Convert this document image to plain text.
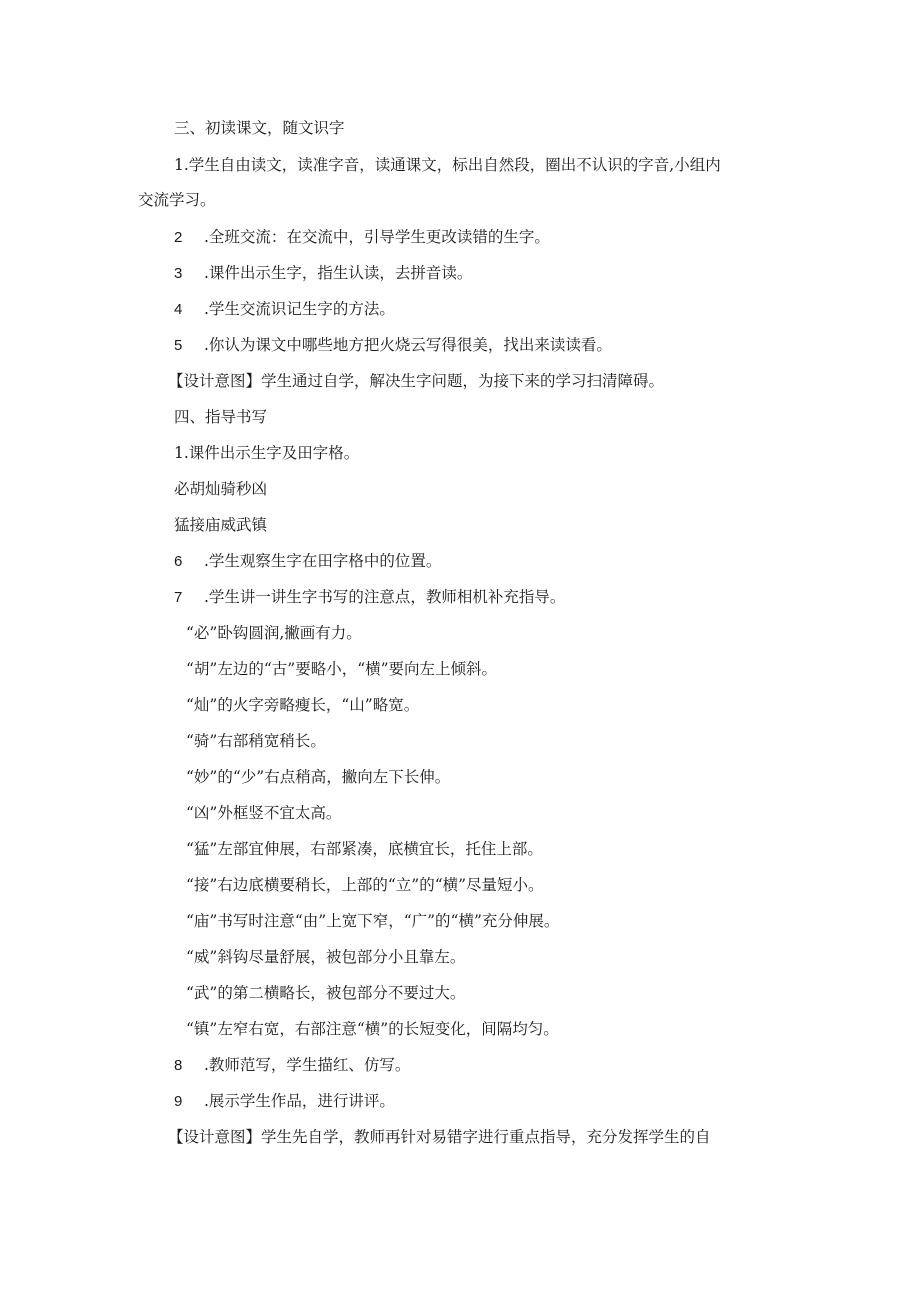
三、初读课文，随文识字
1.学生自由读文，读准字音，读通课文，标出自然段，圈出不认识的字音,小组内
交流学习。
2 .全班交流：在交流中，引导学生更改读错的生字。
3 .课件出示生字，指生认读，去拼音读。
4 .学生交流识记生字的方法。
5 .你认为课文中哪些地方把火烧云写得很美，找出来读读看。
【设计意图】学生通过自学，解决生字问题，为接下来的学习扫清障碍。
四、指导书写
1.课件出示生字及田字格。
必胡灿骑秒凶
猛接庙威武镇
6 .学生观察生字在田字格中的位置。
7 .学生讲一讲生字书写的注意点，教师相机补充指导。
“必”卧钩圆润,撇画有力。
“胡”左边的“古”要略小，“横”要向左上倾斜。
“灿”的火字旁略瘦长，“山”略宽。
“骑”右部稍宽稍长。
“妙”的“少”右点稍高，撇向左下长伸。
“凶”外框竖不宜太高。
“猛”左部宜伸展，右部紧凑，底横宜长，托住上部。
“接”右边底横要稍长，上部的“立”的“横”尽量短小。
“庙”书写时注意“由”上宽下窄，“广”的“横”充分伸展。
“威”斜钩尽量舒展，被包部分小且靠左。
“武”的第二横略长，被包部分不要过大。
“镇”左窄右宽，右部注意“横”的长短变化，间隔均匀。
8 .教师范写，学生描红、仿写。
9 .展示学生作品，进行讲评。
【设计意图】学生先自学，教师再针对易错字进行重点指导，充分发挥学生的自
